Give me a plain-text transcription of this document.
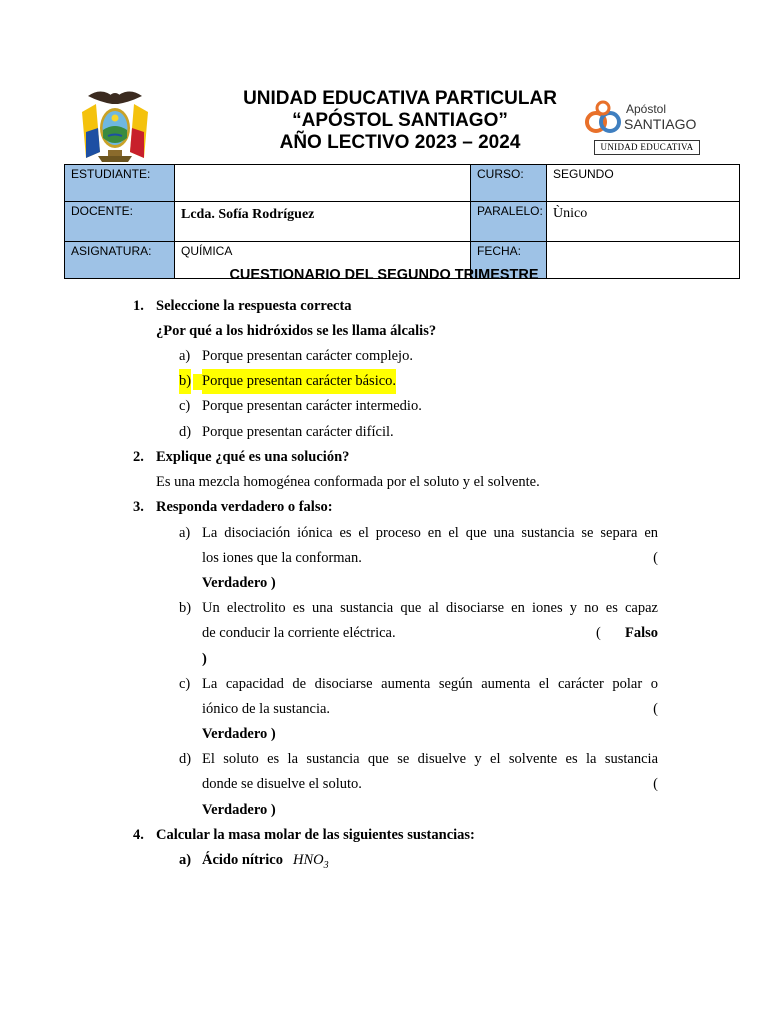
UNIDAD EDUCATIVA PARTICULAR
“APÓSTOL SANTIAGO”
AÑO LECTIVO 2023 – 2024
Apóstol
SANTIAGO
UNIDAD EDUCATIVA
ESTUDIANTE:		CURSO:	SEGUNDO
DOCENTE:	Lcda. Sofía Rodríguez	PARALELO:	Ùnico
ASIGNATURA:	QUÍMICA	FECHA:	
CUESTIONARIO DEL SEGUNDO TRIMESTRE
1. Seleccione la respuesta correcta
¿Por qué a los hidróxidos se les llama álcalis?
a) Porque presentan carácter complejo.
b) Porque presentan carácter básico.
c) Porque presentan carácter intermedio.
d) Porque presentan carácter difícil.
2. Explique ¿qué es una solución?
Es una mezcla homogénea conformada por el soluto y el solvente.
3. Responda verdadero o falso:
a) La disociación iónica es el proceso en el que una sustancia se separa en
los iones que la conforman.	(
Verdadero )
b) Un electrolito es una sustancia que al disociarse en iones y no es capaz
de conducir la corriente eléctrica.	( Falso
)
c) La capacidad de disociarse aumenta según aumenta el carácter polar o
iónico de la sustancia.	(
Verdadero )
d) El soluto es la sustancia que se disuelve y el solvente es la sustancia
donde se disuelve el soluto.	(
Verdadero )
4. Calcular la masa molar de las siguientes sustancias:
a) Ácido nítrico $HNO_3$
